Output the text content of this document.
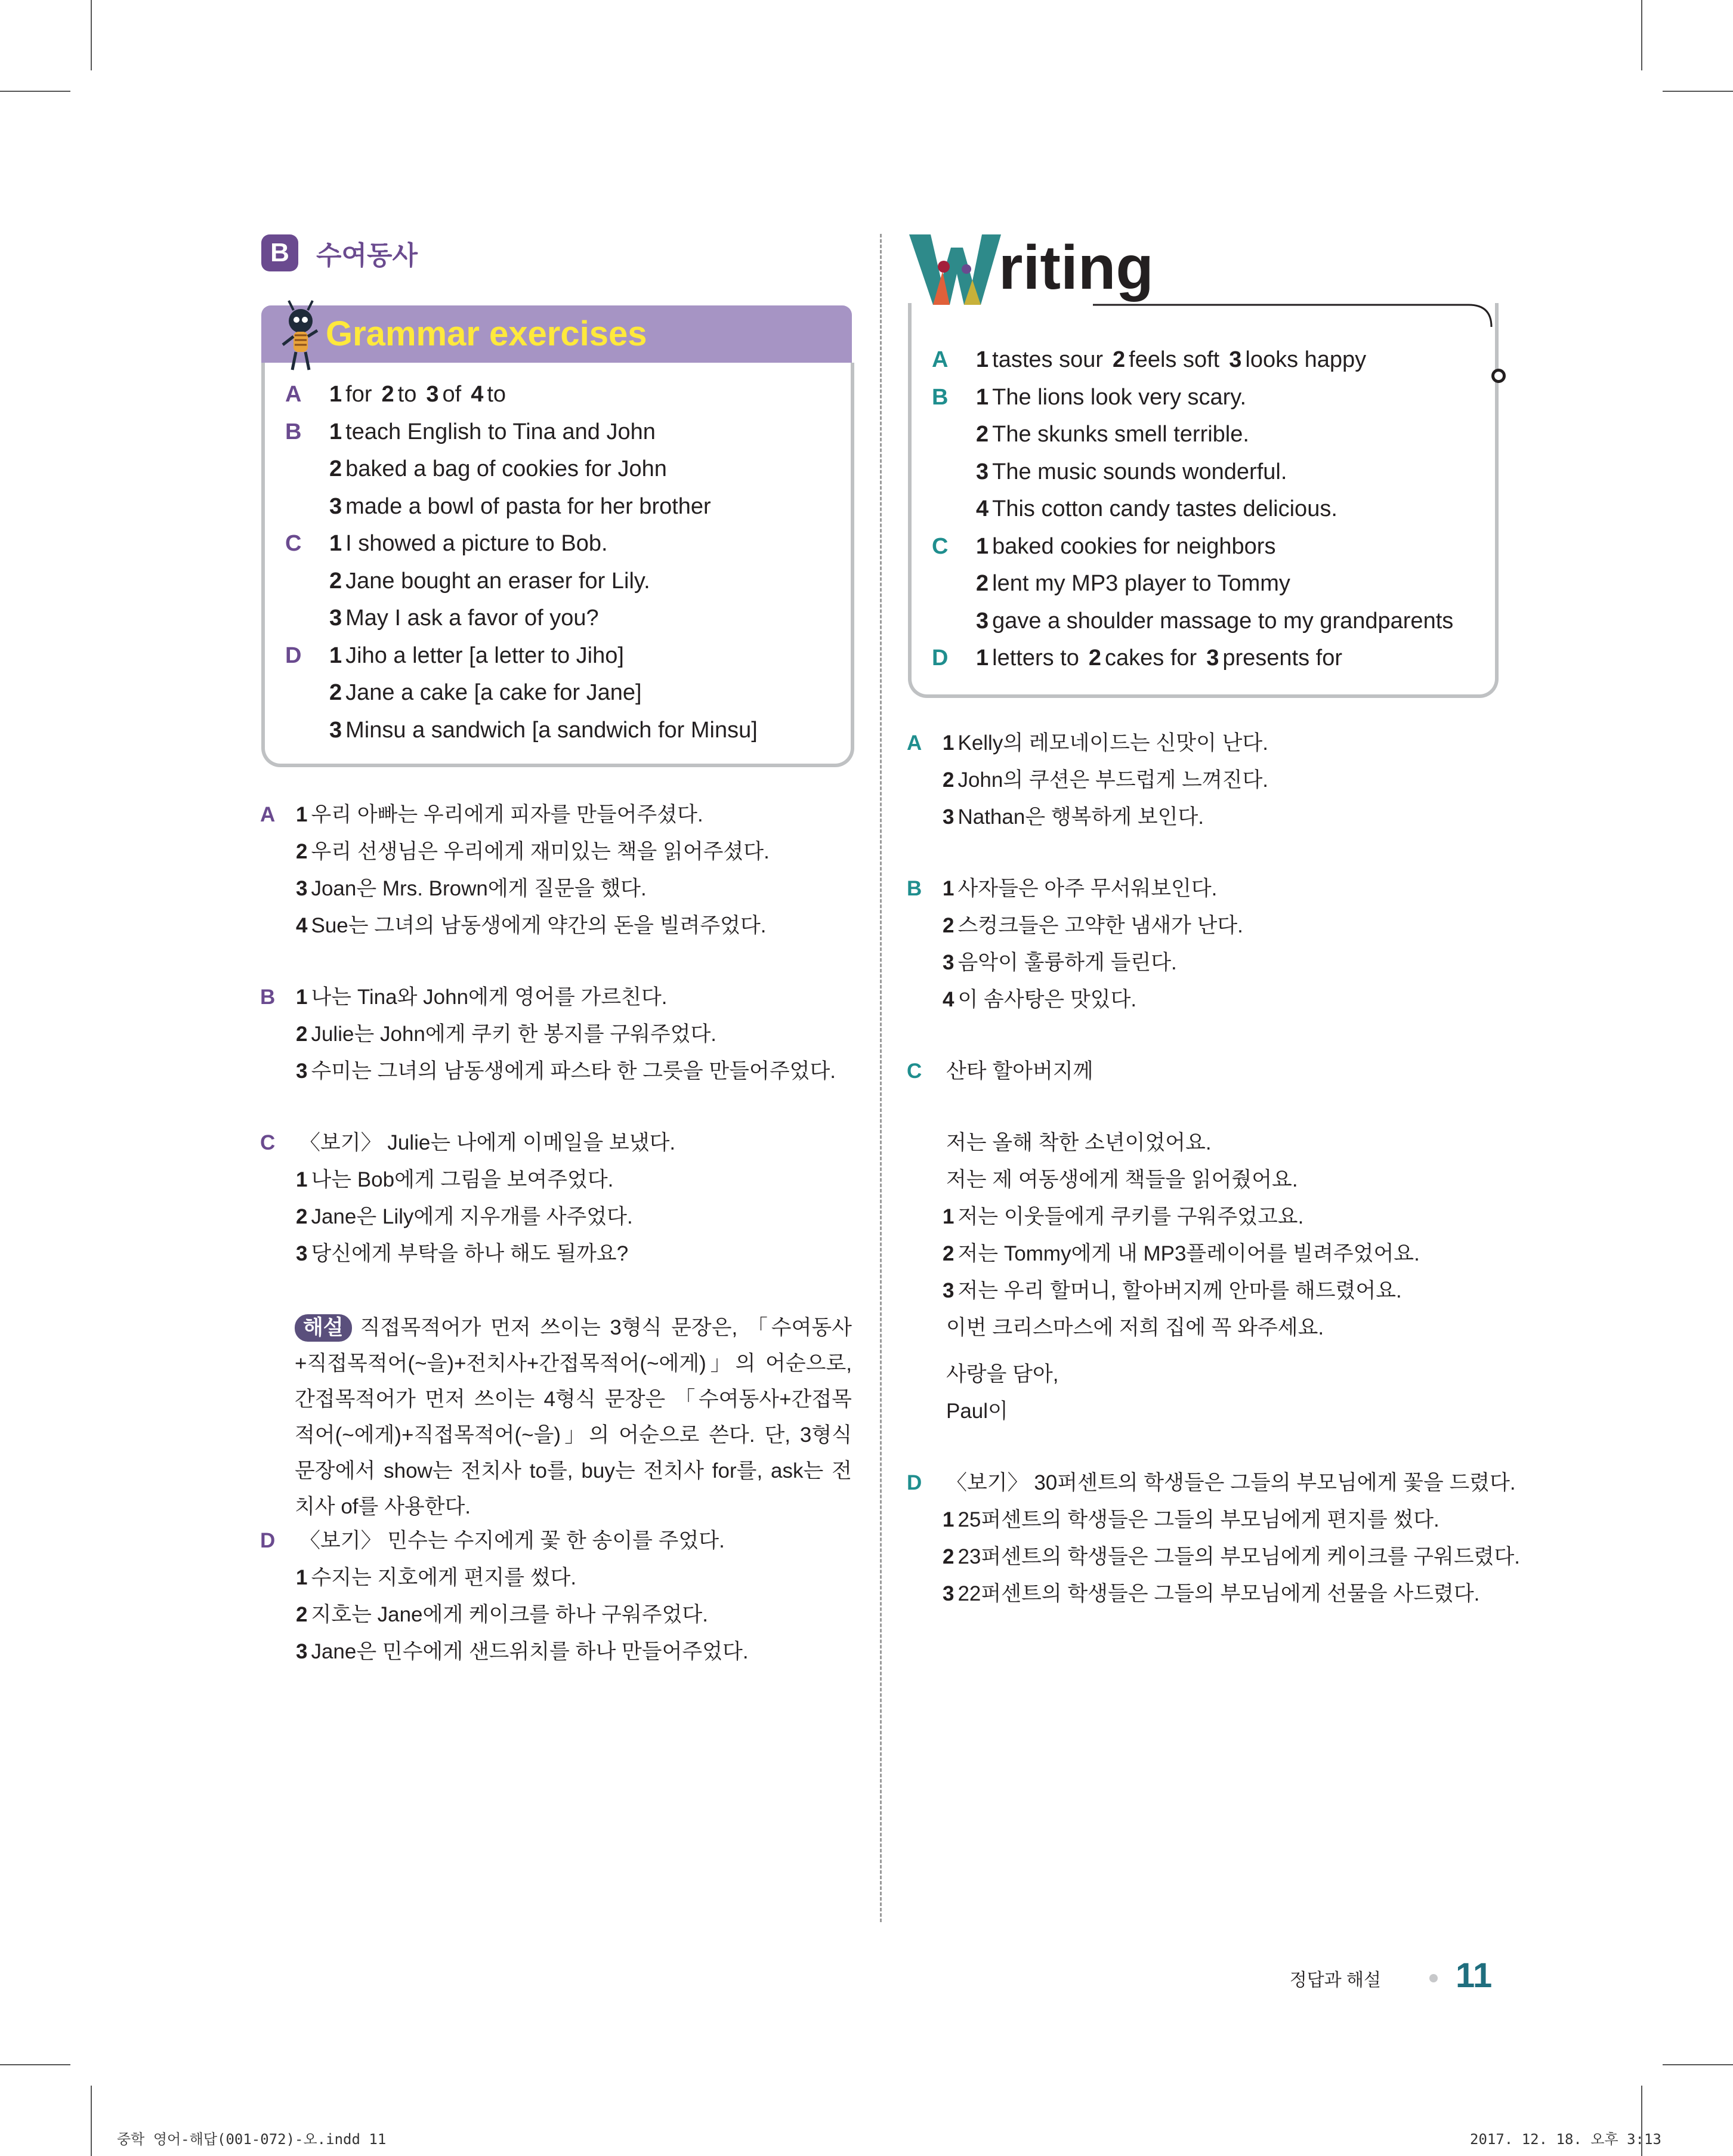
B	수여동사
Grammar exercises
A	1 for 2 to 3 of 4 to
B	1 teach English to Tina and John
2 baked a bag of cookies for John
3 made a bowl of pasta for her brother
C	1 I showed a picture to Bob.
2 Jane bought an eraser for Lily.
3 May I ask a favor of you?
D	1 Jiho a letter [a letter to Jiho]
2 Jane a cake [a cake for Jane]
3 Minsu a sandwich [a sandwich for Minsu]
A 1 우리 아빠는 우리에게 피자를 만들어주셨다.
2 우리 선생님은 우리에게 재미있는 책을 읽어주셨다.
3 Joan은 Mrs. Brown에게 질문을 했다.
4 Sue는 그녀의 남동생에게 약간의 돈을 빌려주었다.
B 1 나는 Tina와 John에게 영어를 가르친다.
2 Julie는 John에게 쿠키 한 봉지를 구워주었다.
3 수미는 그녀의 남동생에게 파스타 한 그릇을 만들어주었다.
C	〈보기〉 Julie는 나에게 이메일을 보냈다.
1 나는 Bob에게 그림을 보여주었다.
2 Jane은 Lily에게 지우개를 사주었다.
3 당신에게 부탁을 하나 해도 될까요?
해설 직접목적어가 먼저 쓰이는 3형식 문장은, 「수여동사+직접목적어(~을)+전치사+간접목적어(~에게)」의 어순으로, 간접목적어가 먼저 쓰이는 4형식 문장은 「수여동사+간접목적어(~에게)+직접목적어(~을)」의 어순으로 쓴다. 단, 3형식 문장에서 show는 전치사 to를, buy는 전치사 for를, ask는 전치사 of를 사용한다.
D	〈보기〉 민수는 수지에게 꽃 한 송이를 주었다.
1 수지는 지호에게 편지를 썼다.
2 지호는 Jane에게 케이크를 하나 구워주었다.
3 Jane은 민수에게 샌드위치를 하나 만들어주었다.
W
riting
A	1 tastes sour 2 feels soft 3 looks happy
B	1 The lions look very scary.
2 The skunks smell terrible.
3 The music sounds wonderful.
4 This cotton candy tastes delicious.
C	1 baked cookies for neighbors
2 lent my MP3 player to Tommy
3 gave a shoulder massage to my grandparents
D	1 letters to 2 cakes for 3 presents for
A 1 Kelly의 레모네이드는 신맛이 난다.
2 John의 쿠션은 부드럽게 느껴진다.
3 Nathan은 행복하게 보인다.
B 1 사자들은 아주 무서워보인다.
2 스컹크들은 고약한 냄새가 난다.
3 음악이 훌륭하게 들린다.
4 이 솜사탕은 맛있다.
C	산타 할아버지께
저는 올해 착한 소년이었어요.
저는 제 여동생에게 책들을 읽어줬어요.
1 저는 이웃들에게 쿠키를 구워주었고요.
2 저는 Tommy에게 내 MP3플레이어를 빌려주었어요.
3 저는 우리 할머니, 할아버지께 안마를 해드렸어요.
이번 크리스마스에 저희 집에 꼭 와주세요.
사랑을 담아,
Paul이
D	〈보기〉 30퍼센트의 학생들은 그들의 부모님에게 꽃을 드렸다.
1 25퍼센트의 학생들은 그들의 부모님에게 편지를 썼다.
2 23퍼센트의 학생들은 그들의 부모님에게 케이크를 구워드렸다.
3 22퍼센트의 학생들은 그들의 부모님에게 선물을 사드렸다.
정답과 해설 11
중학 영어-해답(001-072)-오.indd 11	2017. 12. 18. 오후 3:13
